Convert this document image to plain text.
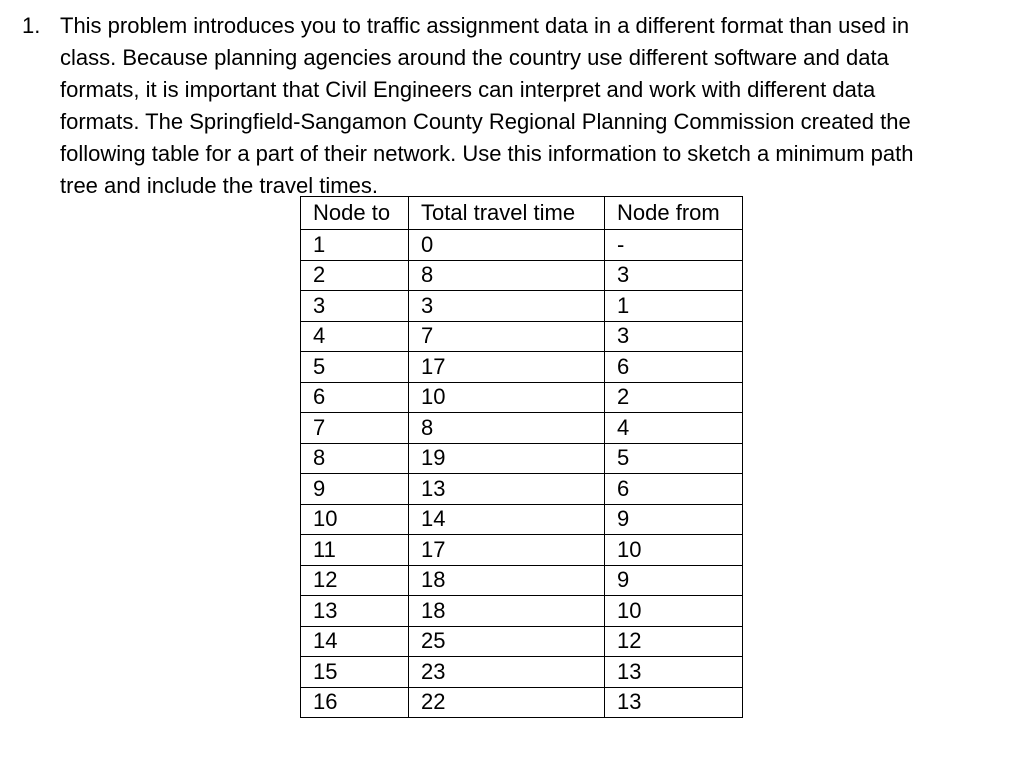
1. This problem introduces you to traffic assignment data in a different format than used in
class. Because planning agencies around the country use different software and data
formats, it is important that Civil Engineers can interpret and work with different data
formats. The Springfield-Sangamon County Regional Planning Commission created the
following table for a part of their network. Use this information to sketch a minimum path
tree and include the travel times.

Node to	Total travel time	Node from
1	0	-
2	8	3
3	3	1
4	7	3
5	17	6
6	10	2
7	8	4
8	19	5
9	13	6
10	14	9
11	17	10
12	18	9
13	18	10
14	25	12
15	23	13
16	22	13
